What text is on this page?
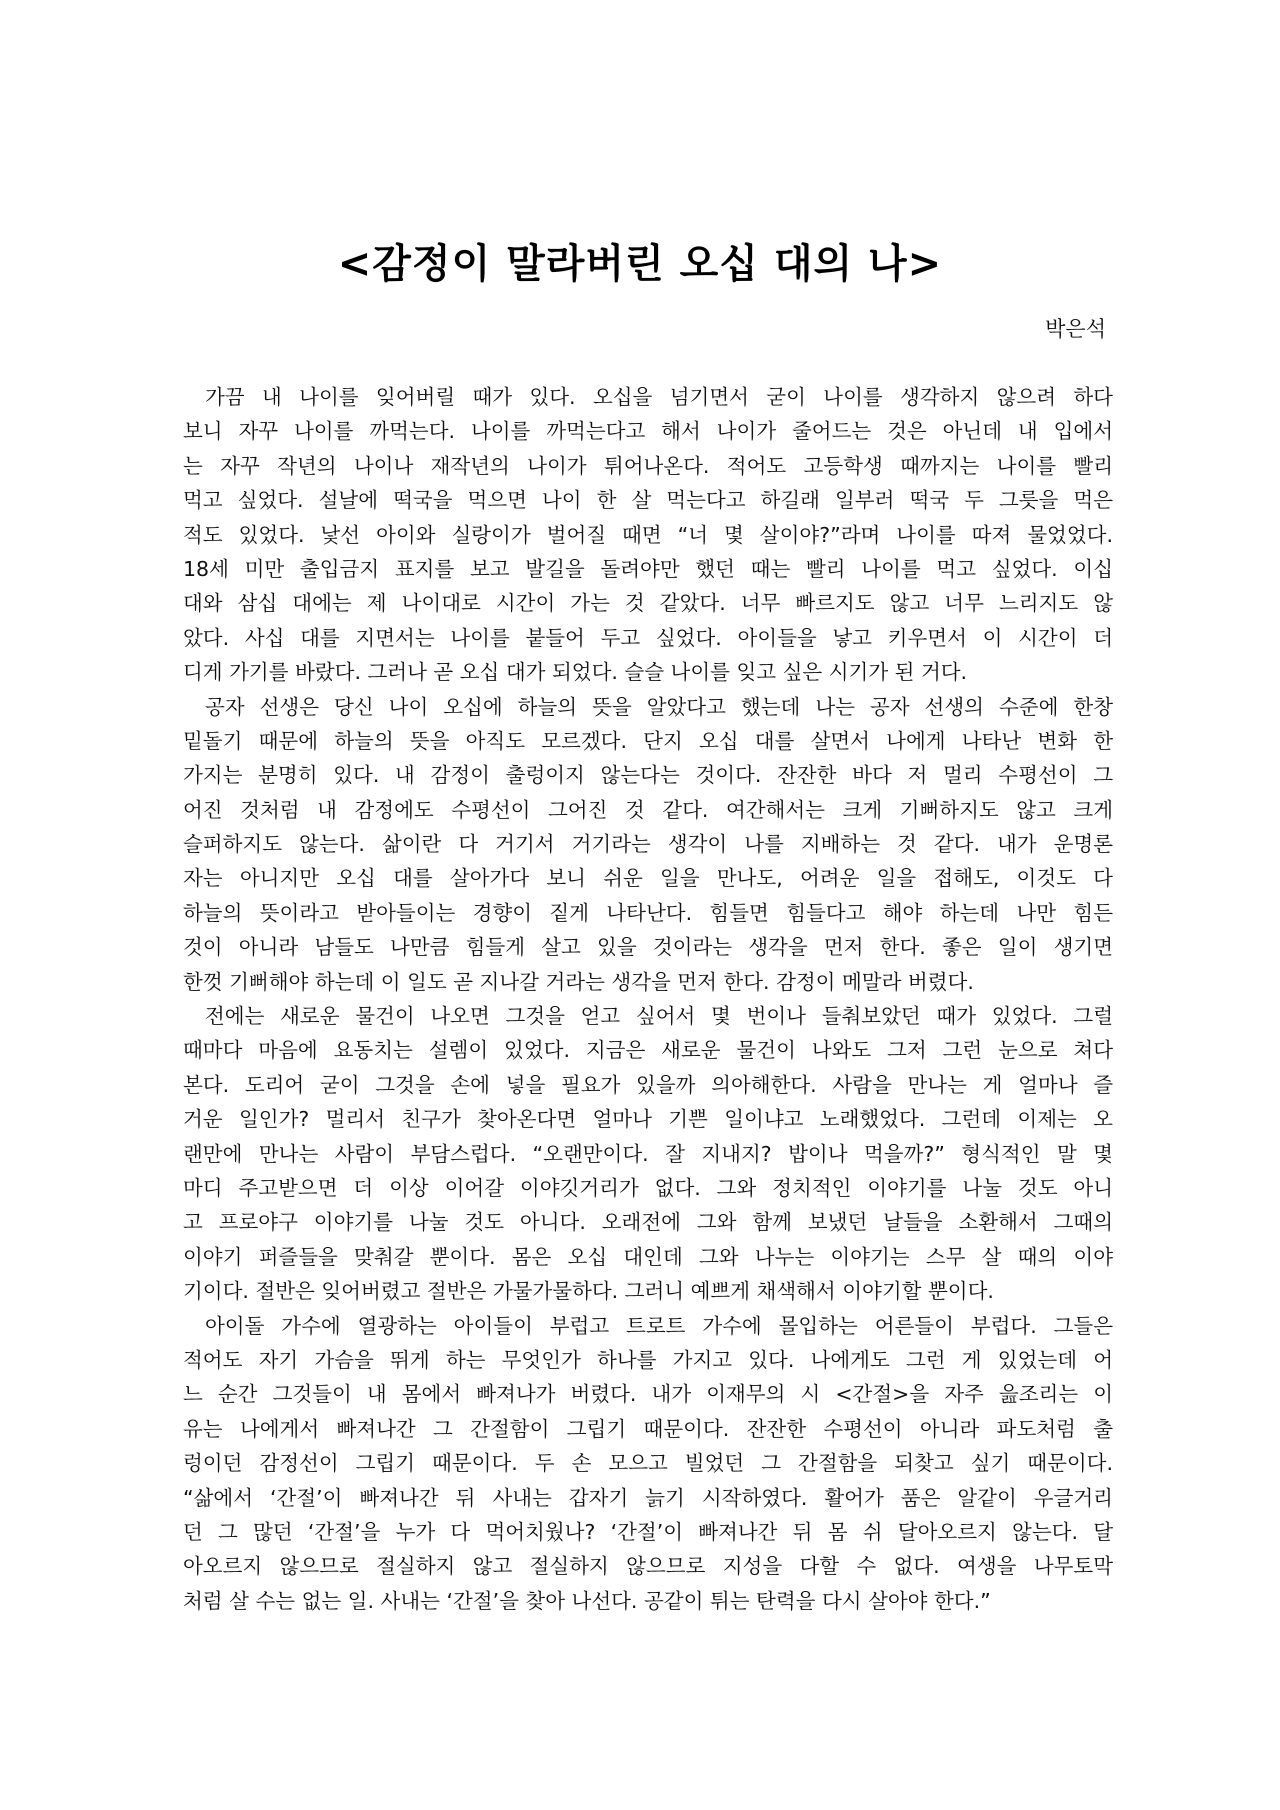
<감정이 말라버린 오십 대의 나>
박은석
가끔 내 나이를 잊어버릴 때가 있다. 오십을 넘기면서 굳이 나이를 생각하지 않으려 하다
보니 자꾸 나이를 까먹는다. 나이를 까먹는다고 해서 나이가 줄어드는 것은 아닌데 내 입에서
는 자꾸 작년의 나이나 재작년의 나이가 튀어나온다. 적어도 고등학생 때까지는 나이를 빨리
먹고 싶었다. 설날에 떡국을 먹으면 나이 한 살 먹는다고 하길래 일부러 떡국 두 그릇을 먹은
적도 있었다. 낯선 아이와 실랑이가 벌어질 때면 “너 몇 살이야?”라며 나이를 따져 물었었다.
18세 미만 출입금지 표지를 보고 발길을 돌려야만 했던 때는 빨리 나이를 먹고 싶었다. 이십
대와 삼십 대에는 제 나이대로 시간이 가는 것 같았다. 너무 빠르지도 않고 너무 느리지도 않
았다. 사십 대를 지면서는 나이를 붙들어 두고 싶었다. 아이들을 낳고 키우면서 이 시간이 더
디게 가기를 바랐다. 그러나 곧 오십 대가 되었다. 슬슬 나이를 잊고 싶은 시기가 된 거다.
공자 선생은 당신 나이 오십에 하늘의 뜻을 알았다고 했는데 나는 공자 선생의 수준에 한창
밑돌기 때문에 하늘의 뜻을 아직도 모르겠다. 단지 오십 대를 살면서 나에게 나타난 변화 한
가지는 분명히 있다. 내 감정이 출렁이지 않는다는 것이다. 잔잔한 바다 저 멀리 수평선이 그
어진 것처럼 내 감정에도 수평선이 그어진 것 같다. 여간해서는 크게 기뻐하지도 않고 크게
슬퍼하지도 않는다. 삶이란 다 거기서 거기라는 생각이 나를 지배하는 것 같다. 내가 운명론
자는 아니지만 오십 대를 살아가다 보니 쉬운 일을 만나도, 어려운 일을 접해도, 이것도 다
하늘의 뜻이라고 받아들이는 경향이 짙게 나타난다. 힘들면 힘들다고 해야 하는데 나만 힘든
것이 아니라 남들도 나만큼 힘들게 살고 있을 것이라는 생각을 먼저 한다. 좋은 일이 생기면
한껏 기뻐해야 하는데 이 일도 곧 지나갈 거라는 생각을 먼저 한다. 감정이 메말라 버렸다.
전에는 새로운 물건이 나오면 그것을 얻고 싶어서 몇 번이나 들춰보았던 때가 있었다. 그럴
때마다 마음에 요동치는 설렘이 있었다. 지금은 새로운 물건이 나와도 그저 그런 눈으로 쳐다
본다. 도리어 굳이 그것을 손에 넣을 필요가 있을까 의아해한다. 사람을 만나는 게 얼마나 즐
거운 일인가? 멀리서 친구가 찾아온다면 얼마나 기쁜 일이냐고 노래했었다. 그런데 이제는 오
랜만에 만나는 사람이 부담스럽다. “오랜만이다. 잘 지내지? 밥이나 먹을까?” 형식적인 말 몇
마디 주고받으면 더 이상 이어갈 이야깃거리가 없다. 그와 정치적인 이야기를 나눌 것도 아니
고 프로야구 이야기를 나눌 것도 아니다. 오래전에 그와 함께 보냈던 날들을 소환해서 그때의
이야기 퍼즐들을 맞춰갈 뿐이다. 몸은 오십 대인데 그와 나누는 이야기는 스무 살 때의 이야
기이다. 절반은 잊어버렸고 절반은 가물가물하다. 그러니 예쁘게 채색해서 이야기할 뿐이다.
아이돌 가수에 열광하는 아이들이 부럽고 트로트 가수에 몰입하는 어른들이 부럽다. 그들은
적어도 자기 가슴을 뛰게 하는 무엇인가 하나를 가지고 있다. 나에게도 그런 게 있었는데 어
느 순간 그것들이 내 몸에서 빠져나가 버렸다. 내가 이재무의 시 <간절>을 자주 읊조리는 이
유는 나에게서 빠져나간 그 간절함이 그립기 때문이다. 잔잔한 수평선이 아니라 파도처럼 출
렁이던 감정선이 그립기 때문이다. 두 손 모으고 빌었던 그 간절함을 되찾고 싶기 때문이다.
“삶에서 ‘간절’이 빠져나간 뒤 사내는 갑자기 늙기 시작하였다. 활어가 품은 알같이 우글거리
던 그 많던 ‘간절’을 누가 다 먹어치웠나? ‘간절’이 빠져나간 뒤 몸 쉬 달아오르지 않는다. 달
아오르지 않으므로 절실하지 않고 절실하지 않으므로 지성을 다할 수 없다. 여생을 나무토막
처럼 살 수는 없는 일. 사내는 ‘간절’을 찾아 나선다. 공같이 튀는 탄력을 다시 살아야 한다.”
